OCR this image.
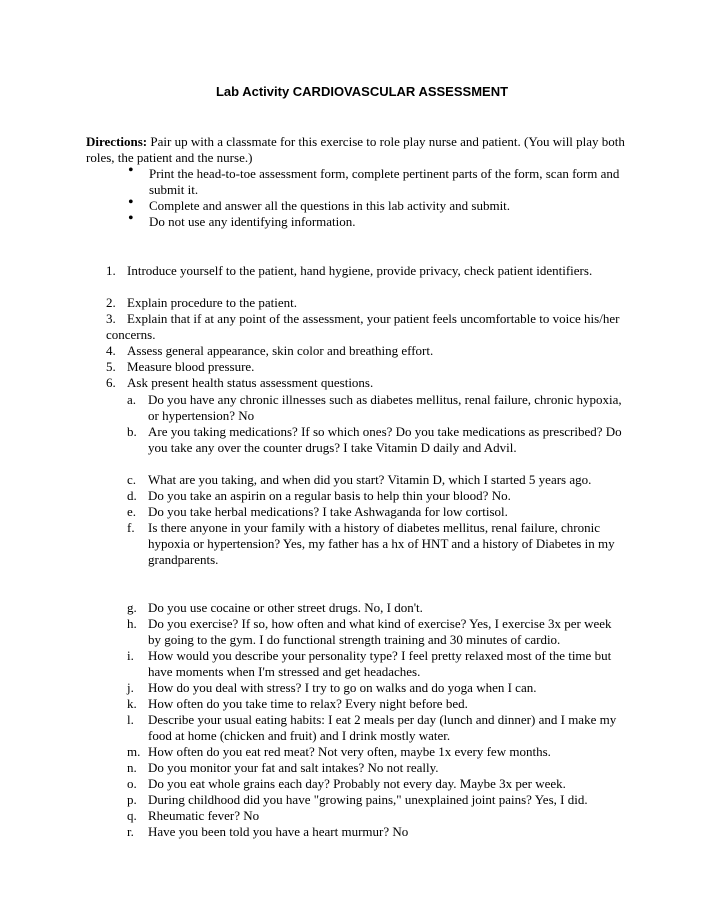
Lab Activity CARDIOVASCULAR ASSESSMENT
Directions: Pair up with a classmate for this exercise to role play nurse and patient. (You will play both roles, the patient and the nurse.)
• Print the head-to-toe assessment form, complete pertinent parts of the form, scan form and submit it.
• Complete and answer all the questions in this lab activity and submit.
• Do not use any identifying information.
1. Introduce yourself to the patient, hand hygiene, provide privacy, check patient identifiers.
2. Explain procedure to the patient.
3. Explain that if at any point of the assessment, your patient feels uncomfortable to voice his/her concerns.
4. Assess general appearance, skin color and breathing effort.
5. Measure blood pressure.
6. Ask present health status assessment questions.
a. Do you have any chronic illnesses such as diabetes mellitus, renal failure, chronic hypoxia, or hypertension? No
b. Are you taking medications? If so which ones? Do you take medications as prescribed? Do you take any over the counter drugs? I take Vitamin D daily and Advil.
c. What are you taking, and when did you start? Vitamin D, which I started 5 years ago.
d. Do you take an aspirin on a regular basis to help thin your blood? No.
e. Do you take herbal medications? I take Ashwaganda for low cortisol.
f. Is there anyone in your family with a history of diabetes mellitus, renal failure, chronic hypoxia or hypertension? Yes, my father has a hx of HNT and a history of Diabetes in my grandparents.
g. Do you use cocaine or other street drugs. No, I don't.
h. Do you exercise? If so, how often and what kind of exercise? Yes, I exercise 3x per week by going to the gym. I do functional strength training and 30 minutes of cardio.
i. How would you describe your personality type? I feel pretty relaxed most of the time but have moments when I'm stressed and get headaches.
j. How do you deal with stress? I try to go on walks and do yoga when I can.
k. How often do you take time to relax? Every night before bed.
l. Describe your usual eating habits: I eat 2 meals per day (lunch and dinner) and I make my food at home (chicken and fruit) and I drink mostly water.
m. How often do you eat red meat? Not very often, maybe 1x every few months.
n. Do you monitor your fat and salt intakes? No not really.
o. Do you eat whole grains each day? Probably not every day. Maybe 3x per week.
p. During childhood did you have "growing pains," unexplained joint pains? Yes, I did.
q. Rheumatic fever? No
r. Have you been told you have a heart murmur? No
